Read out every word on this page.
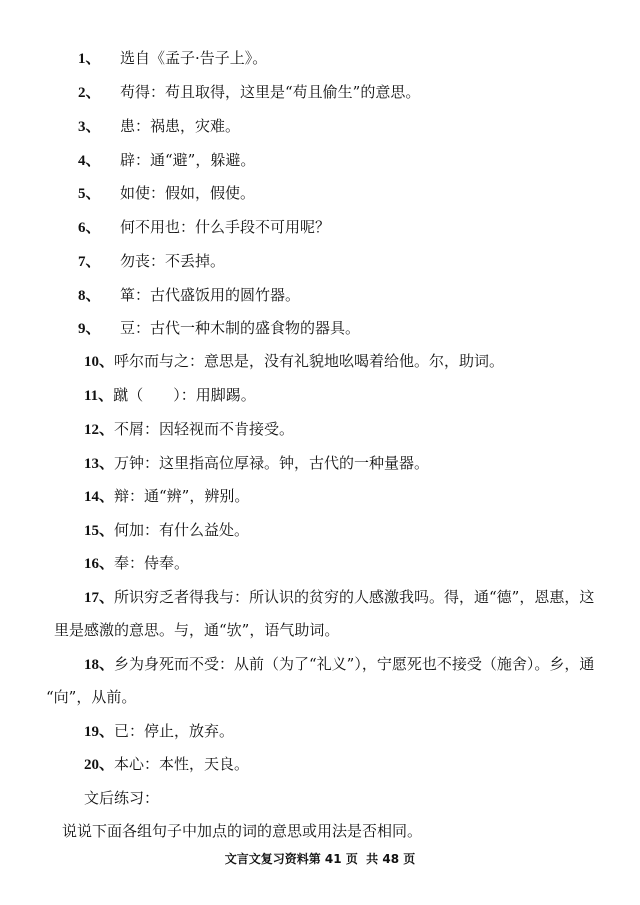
1、 选自《孟子·告子上》。
2、 苟得：苟且取得，这里是“苟且偷生”的意思。
3、 患：祸患，灾难。
4、 辟：通“避”，躲避。
5、 如使：假如，假使。
6、 何不用也：什么手段不可用呢？
7、 勿丧：不丢掉。
8、 箪：古代盛饭用的圆竹器。
9、 豆：古代一种木制的盛食物的器具。
10、呼尔而与之：意思是，没有礼貌地吆喝着给他。尔，助词。
11、蹴（　　）：用脚踢。
12、不屑：因轻视而不肯接受。
13、万钟：这里指高位厚禄。钟，古代的一种量器。
14、辩：通“辨”，辨别。
15、何加：有什么益处。
16、奉：侍奉。
17、所识穷乏者得我与：所认识的贫穷的人感激我吗。得，通“德”，恩惠，这
里是感激的意思。与，通“欤”，语气助词。
18、乡为身死而不受：从前（为了“礼义”），宁愿死也不接受（施舍）。乡，通
“向”，从前。
19、已：停止，放弃。
20、本心：本性，天良。
文后练习：
说说下面各组句子中加点的词的意思或用法是否相同。
文言文复习资料第 41 页  共 48 页
